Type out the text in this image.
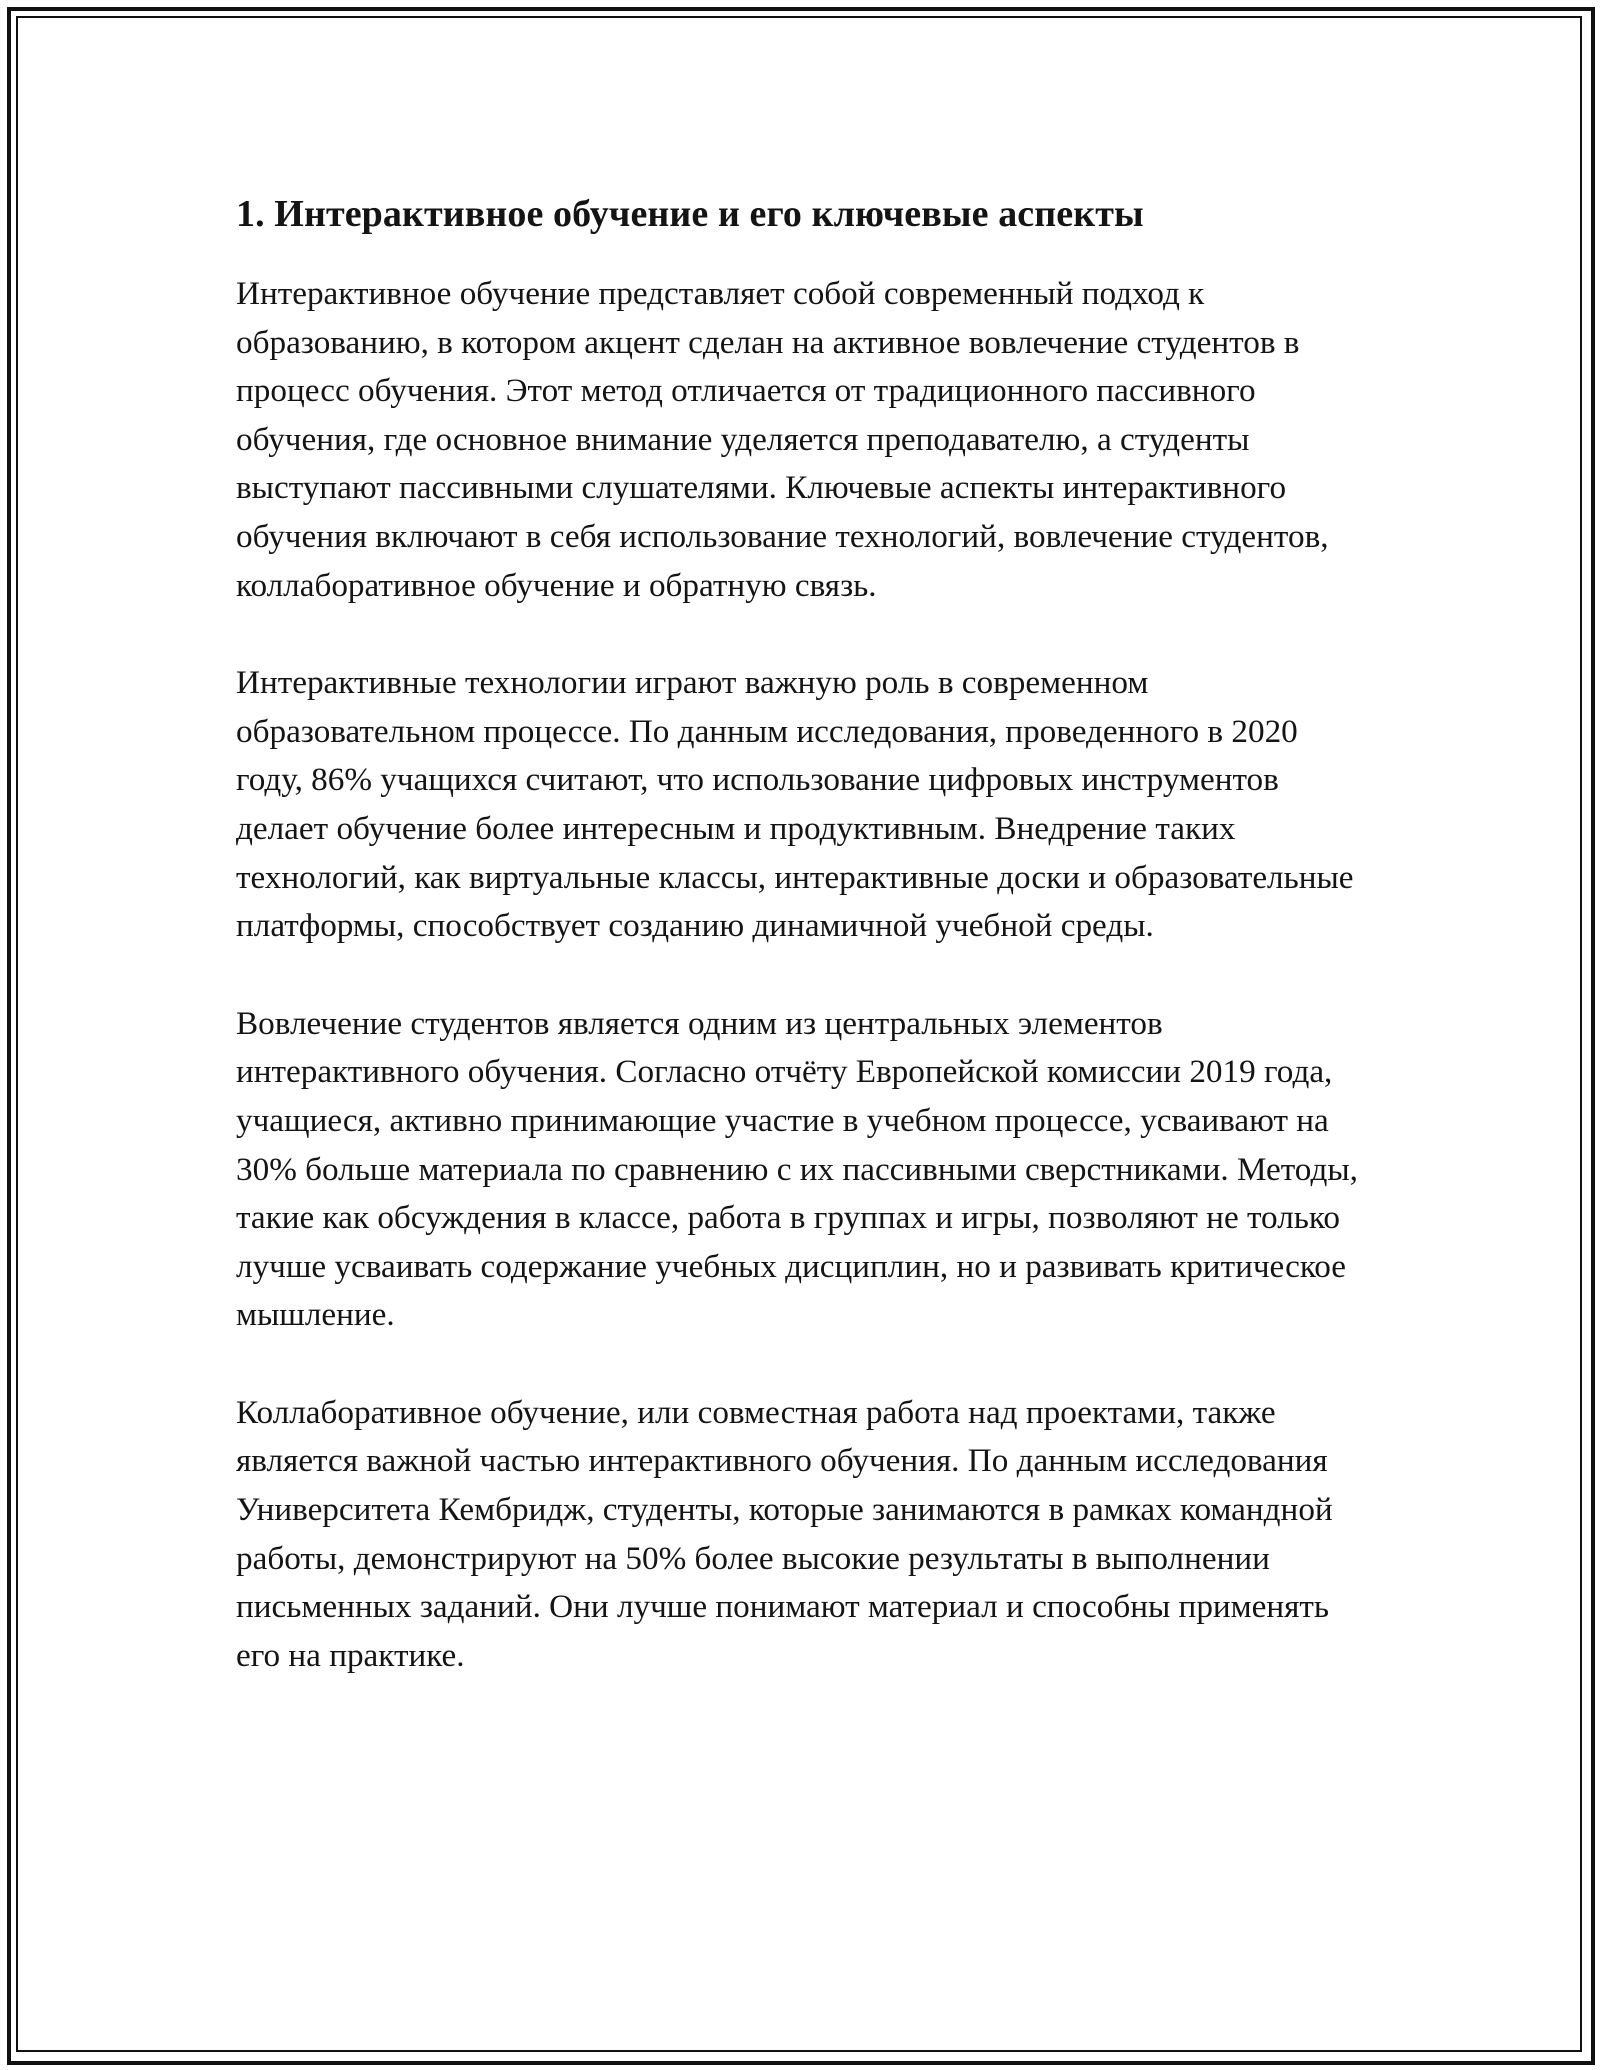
1. Интерактивное обучение и его ключевые аспекты

Интерактивное обучение представляет собой современный подход к образованию, в котором акцент сделан на активное вовлечение студентов в процесс обучения. Этот метод отличается от традиционного пассивного обучения, где основное внимание уделяется преподавателю, а студенты выступают пассивными слушателями. Ключевые аспекты интерактивного обучения включают в себя использование технологий, вовлечение студентов, коллаборативное обучение и обратную связь.

Интерактивные технологии играют важную роль в современном образовательном процессе. По данным исследования, проведенного в 2020 году, 86% учащихся считают, что использование цифровых инструментов делает обучение более интересным и продуктивным. Внедрение таких технологий, как виртуальные классы, интерактивные доски и образовательные платформы, способствует созданию динамичной учебной среды.

Вовлечение студентов является одним из центральных элементов интерактивного обучения. Согласно отчёту Европейской комиссии 2019 года, учащиеся, активно принимающие участие в учебном процессе, усваивают на 30% больше материала по сравнению с их пассивными сверстниками. Методы, такие как обсуждения в классе, работа в группах и игры, позволяют не только лучше усваивать содержание учебных дисциплин, но и развивать критическое мышление.

Коллаборативное обучение, или совместная работа над проектами, также является важной частью интерактивного обучения. По данным исследования Университета Кембридж, студенты, которые занимаются в рамках командной работы, демонстрируют на 50% более высокие результаты в выполнении письменных заданий. Они лучше понимают материал и способны применять его на практике.
